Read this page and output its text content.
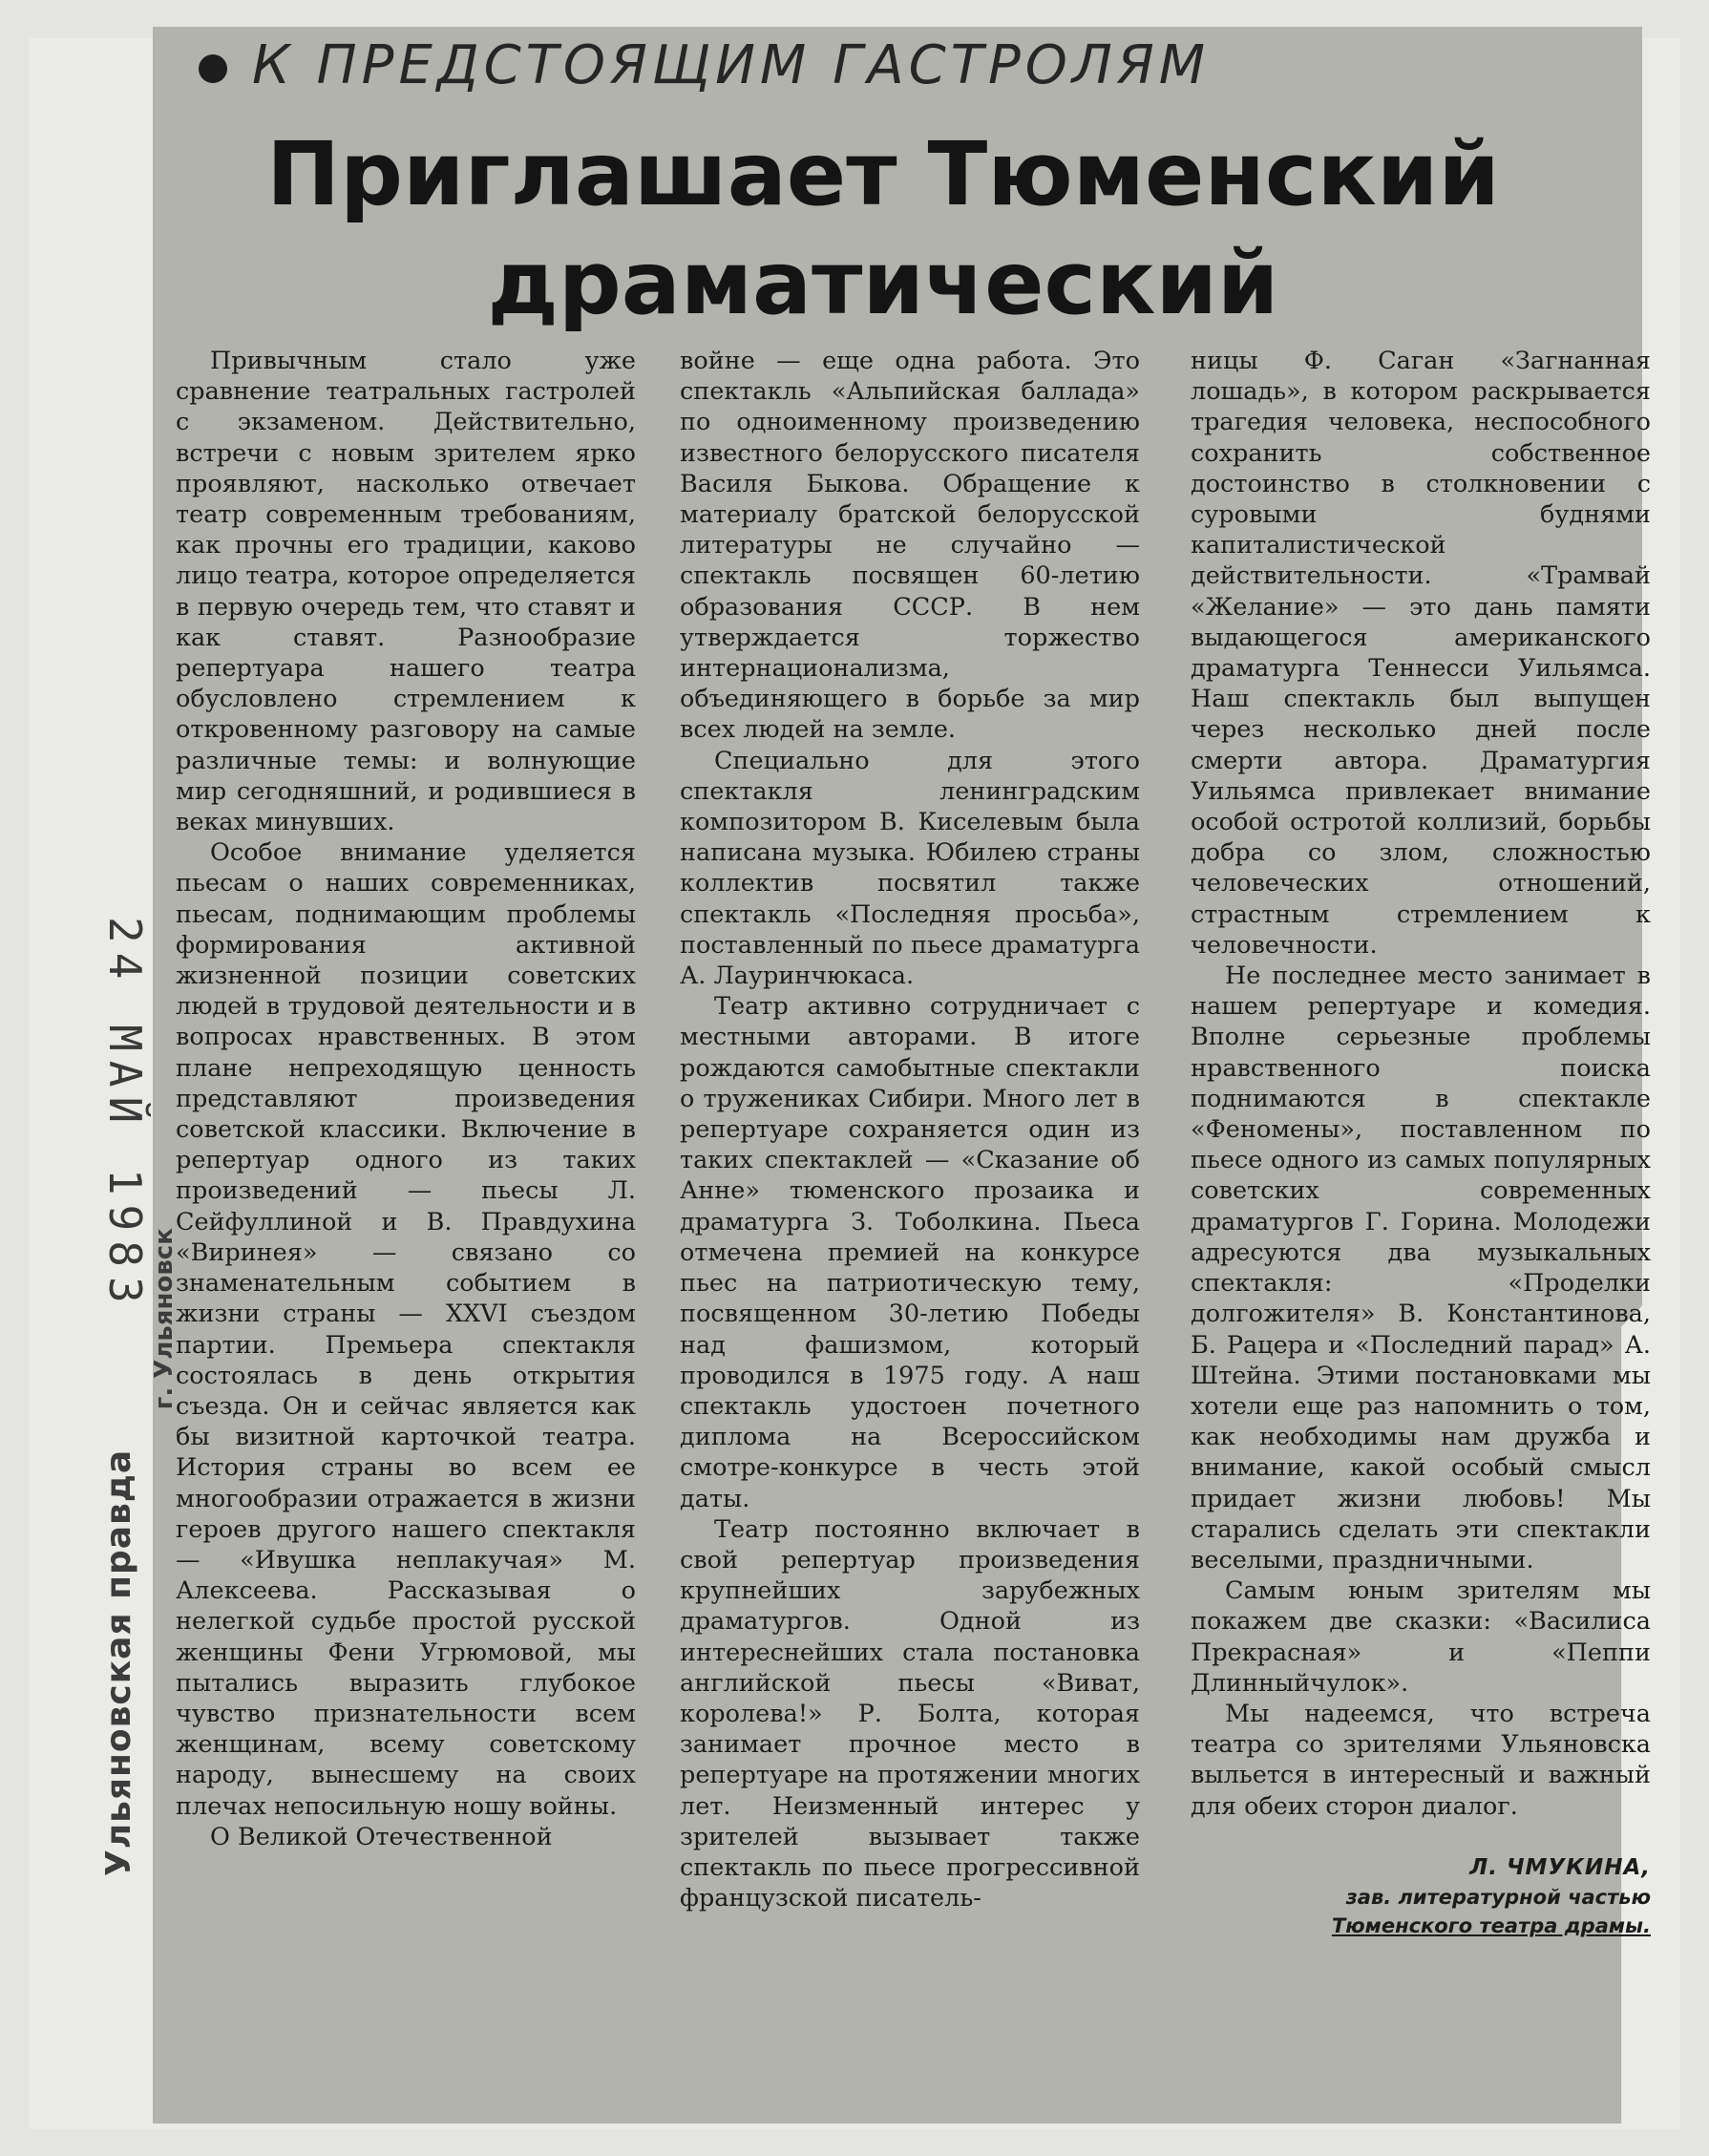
К ПРЕДСТОЯЩИМ ГАСТРОЛЯМ
Приглашает Тюменский драматический

Привычным стало уже сравнение театральных гастролей с экзаменом. Действительно, встречи с новым зрителем ярко проявляют, насколько отвечает театр современным требованиям, как прочны его традиции, каково лицо театра, которое определяется в первую очередь тем, что ставят и как ставят. Разнообразие репертуара нашего театра обусловлено стремлением к откровенному разговору на самые различные темы: и волнующие мир сегодняшний, и родившиеся в веках минувших.

Особое внимание уделяется пьесам о наших современниках, пьесам, поднимающим проблемы формирования активной жизненной позиции советских людей в трудовой деятельности и в вопросах нравственных. В этом плане непреходящую ценность представляют произведения советской классики. Включение в репертуар одного из таких произведений — пьесы Л. Сейфуллиной и В. Правдухина «Виринея» — связано со знаменательным событием в жизни страны — XXVI съездом партии. Премьера спектакля состоялась в день открытия съезда. Он и сейчас является как бы визитной карточкой театра. История страны во всем ее многообразии отражается в жизни героев другого нашего спектакля— «Ивушка неплакучая» М. Алексеева. Рассказывая о нелегкой судьбе простой русской женщины Фени Угрюмовой, мы пытались выразить глубокое чувство признательности всем женщинам, всему советскому народу, вынесшему на своих плечах непосильную ношу войны.

О Великой Отечественной

войне — еще одна работа. Это спектакль «Альпийская баллада» по одноименному произведению известного белорусского писателя Василя Быкова. Обращение к материалу братской белорусской литературы не случайно — спектакль посвящен 60-летию образования СССР. В нем утверждается торжество интернационализма, объединяющего в борьбе за мир всех людей на земле.

Специально для этого спектакля ленинградским композитором В. Киселевым была написана музыка. Юбилею страны коллектив посвятил также спектакль «Последняя просьба», поставленный по пьесе драматурга А. Лауринчюкаса.

Театр активно сотрудничает с местными авторами. В итоге рождаются самобытные спектакли о тружениках Сибири. Много лет в репертуаре сохраняется один из таких спектаклей — «Сказание об Анне» тюменского прозаика и драматурга З. Тоболкина. Пьеса отмечена премией на конкурсе пьес на патриотическую тему, посвященном 30-летию Победы над фашизмом, который проводился в 1975 году. А наш спектакль удостоен почетного диплома на Всероссийском смотре-конкурсе в честь этой даты.

Театр постоянно включает в свой репертуар произведения крупнейших зарубежных драматургов. Одной из интереснейших стала постановка английской пьесы «Виват, королева!» Р. Болта, которая занимает прочное место в репертуаре на протяжении многих лет. Неизменный интерес у зрителей вызывает также спектакль по пьесе прогрессивной французской писатель-

ницы Ф. Саган «Загнанная лошадь», в котором раскрывается трагедия человека, неспособного сохранить собственное достоинство в столкновении с суровыми буднями капиталистической действительности. «Трамвай «Желание» — это дань памяти выдающегося американского драматурга Теннесси Уильямса. Наш спектакль был выпущен через несколько дней после смерти автора. Драматургия Уильямса привлекает внимание особой остротой коллизий, борьбы добра со злом, сложностью человеческих отношений, страстным стремлением к человечности.

Не последнее место занимает в нашем репертуаре и комедия. Вполне серьезные проблемы нравственного поиска поднимаются в спектакле «Феномены», поставленном по пьесе одного из самых популярных советских современных драматургов Г. Горина. Молодежи адресуются два музыкальных спектакля: «Проделки долгожителя» В. Константинова, Б. Рацера и «Последний парад» А. Штейна. Этими постановками мы хотели еще раз напомнить о том, как необходимы нам дружба и внимание, какой особый смысл придает жизни любовь! Мы старались сделать эти спектакли веселыми, праздничными.

Самым юным зрителям мы покажем две сказки: «Василиса Прекрасная» и «Пеппи Длинныйчулок».

Мы надеемся, что встреча театра со зрителями Ульяновска выльется в интересный и важный для обеих сторон диалог.

Л. ЧМУКИНА,
зав. литературной частью
Тюменского театра драмы.
24 МАЙ 1983
Ульяновская правда г. Ульяновск
